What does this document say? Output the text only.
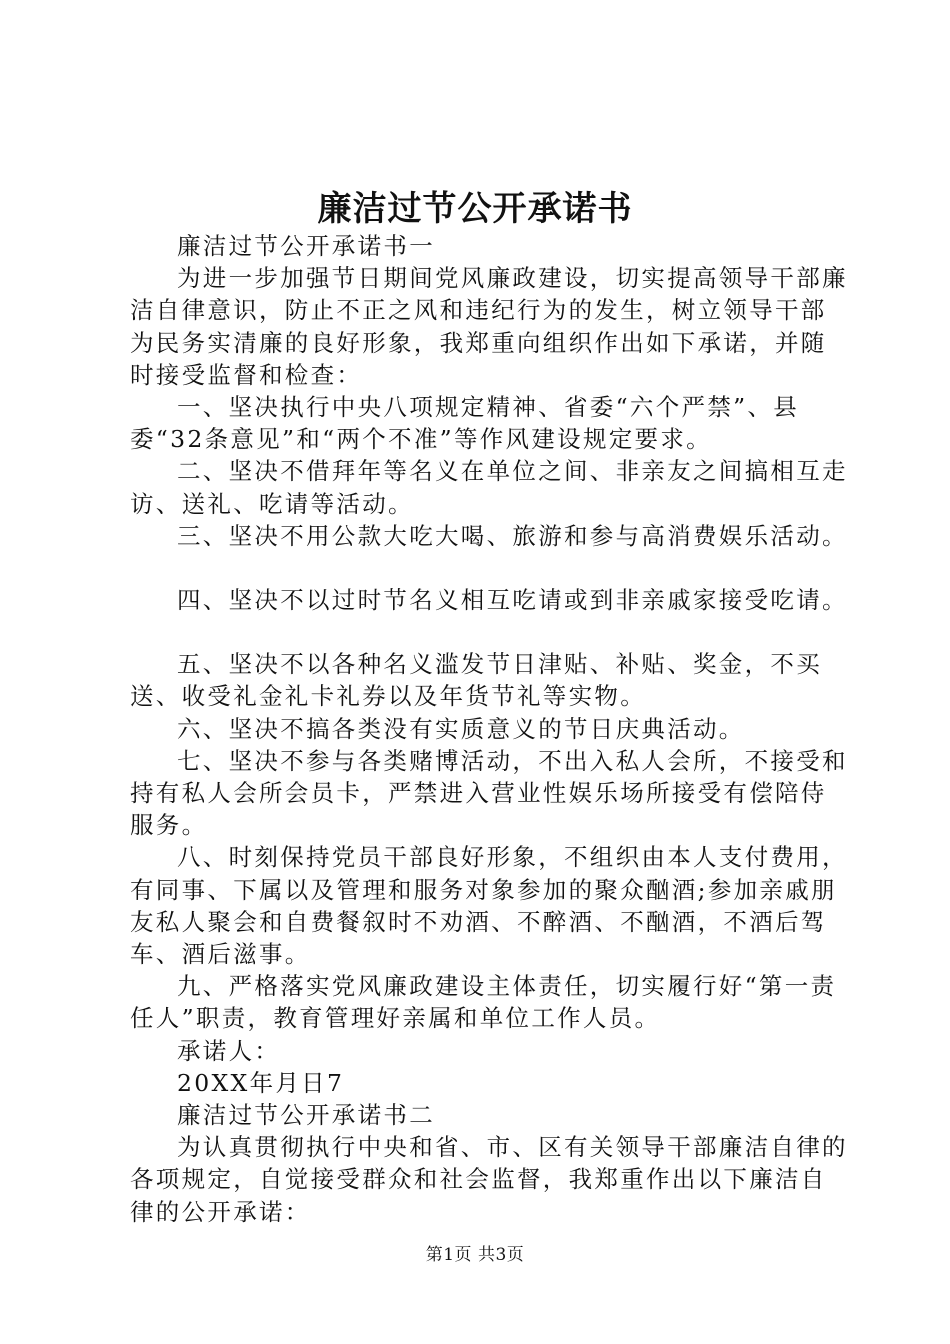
廉洁过节公开承诺书

廉洁过节公开承诺书一

为进一步加强节日期间党风廉政建设，切实提高领导干部廉洁自律意识，防止不正之风和违纪行为的发生，树立领导干部为民务实清廉的良好形象，我郑重向组织作出如下承诺，并随时接受监督和检查：

一、坚决执行中央八项规定精神、省委“六个严禁”、县委“32条意见”和“两个不准”等作风建设规定要求。

二、坚决不借拜年等名义在单位之间、非亲友之间搞相互走访、送礼、吃请等活动。

三、坚决不用公款大吃大喝、旅游和参与高消费娱乐活动。

四、坚决不以过时节名义相互吃请或到非亲戚家接受吃请。

五、坚决不以各种名义滥发节日津贴、补贴、奖金，不买送、收受礼金礼卡礼券以及年货节礼等实物。

六、坚决不搞各类没有实质意义的节日庆典活动。

七、坚决不参与各类赌博活动，不出入私人会所，不接受和持有私人会所会员卡，严禁进入营业性娱乐场所接受有偿陪侍服务。

八、时刻保持党员干部良好形象，不组织由本人支付费用，有同事、下属以及管理和服务对象参加的聚众酗酒;参加亲戚朋友私人聚会和自费餐叙时不劝酒、不醉酒、不酗酒，不酒后驾车、酒后滋事。

九、严格落实党风廉政建设主体责任，切实履行好“第一责任人”职责，教育管理好亲属和单位工作人员。

承诺人：

20XX年月日7

廉洁过节公开承诺书二

为认真贯彻执行中央和省、市、区有关领导干部廉洁自律的各项规定，自觉接受群众和社会监督，我郑重作出以下廉洁自律的公开承诺：

第1页 共3页
